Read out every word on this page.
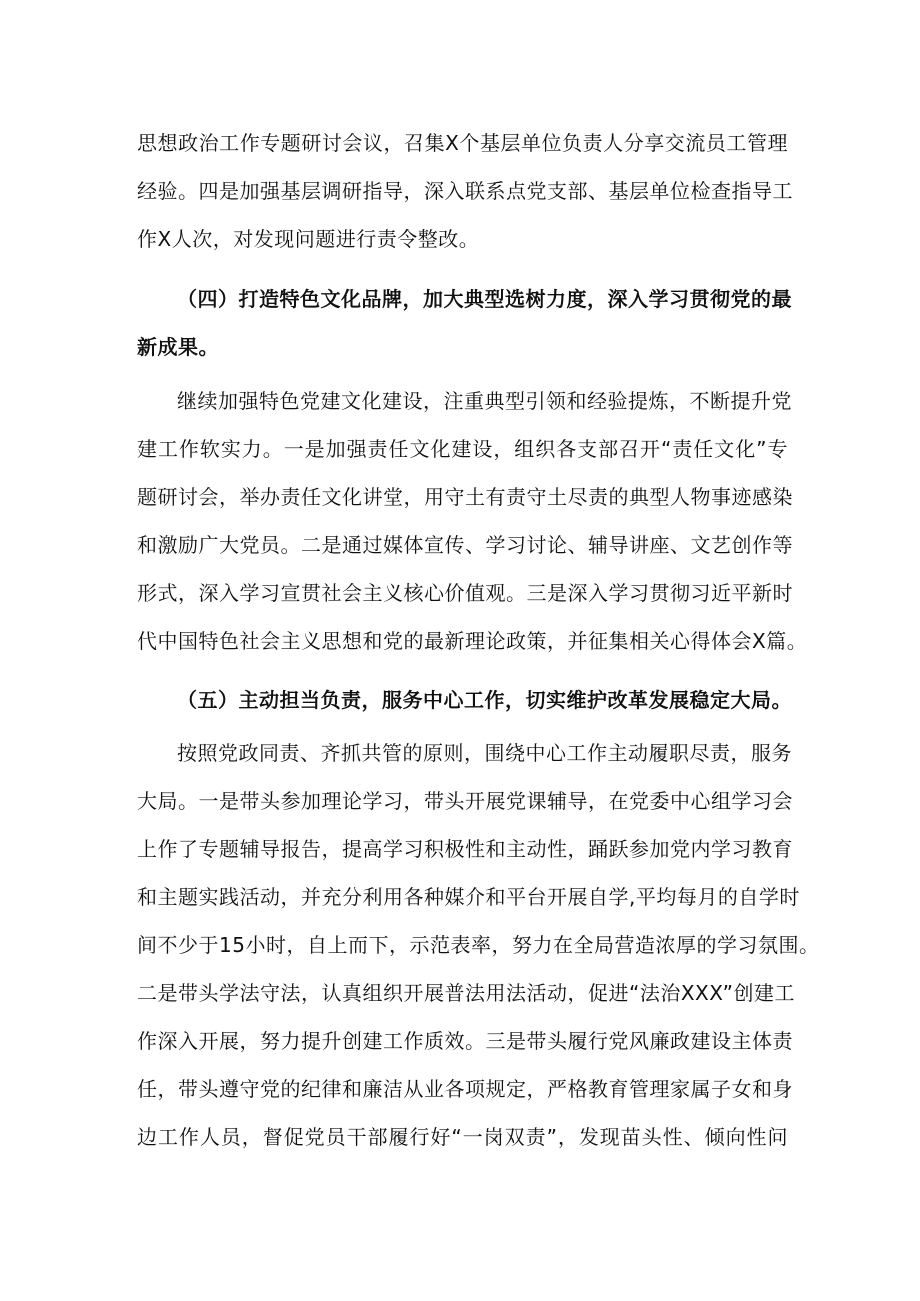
思想政治工作专题研讨会议，召集X个基层单位负责人分享交流员工管理
经验。四是加强基层调研指导，深入联系点党支部、基层单位检查指导工
作X人次，对发现问题进行责令整改。
（四）打造特色文化品牌，加大典型选树力度，深入学习贯彻党的最
新成果。
继续加强特色党建文化建设，注重典型引领和经验提炼，不断提升党
建工作软实力。一是加强责任文化建设，组织各支部召开“责任文化”专
题研讨会，举办责任文化讲堂，用守土有责守土尽责的典型人物事迹感染
和激励广大党员。二是通过媒体宣传、学习讨论、辅导讲座、文艺创作等
形式，深入学习宣贯社会主义核心价值观。三是深入学习贯彻习近平新时
代中国特色社会主义思想和党的最新理论政策，并征集相关心得体会X篇。
（五）主动担当负责，服务中心工作，切实维护改革发展稳定大局。
按照党政同责、齐抓共管的原则，围绕中心工作主动履职尽责，服务
大局。一是带头参加理论学习，带头开展党课辅导，在党委中心组学习会
上作了专题辅导报告，提高学习积极性和主动性，踊跃参加党内学习教育
和主题实践活动，并充分利用各种媒介和平台开展自学,平均每月的自学时
间不少于15小时，自上而下，示范表率，努力在全局营造浓厚的学习氛围。
二是带头学法守法，认真组织开展普法用法活动，促进“法治XXX”创建工
作深入开展，努力提升创建工作质效。三是带头履行党风廉政建设主体责
任，带头遵守党的纪律和廉洁从业各项规定，严格教育管理家属子女和身
边工作人员，督促党员干部履行好“一岗双责”，发现苗头性、倾向性问
